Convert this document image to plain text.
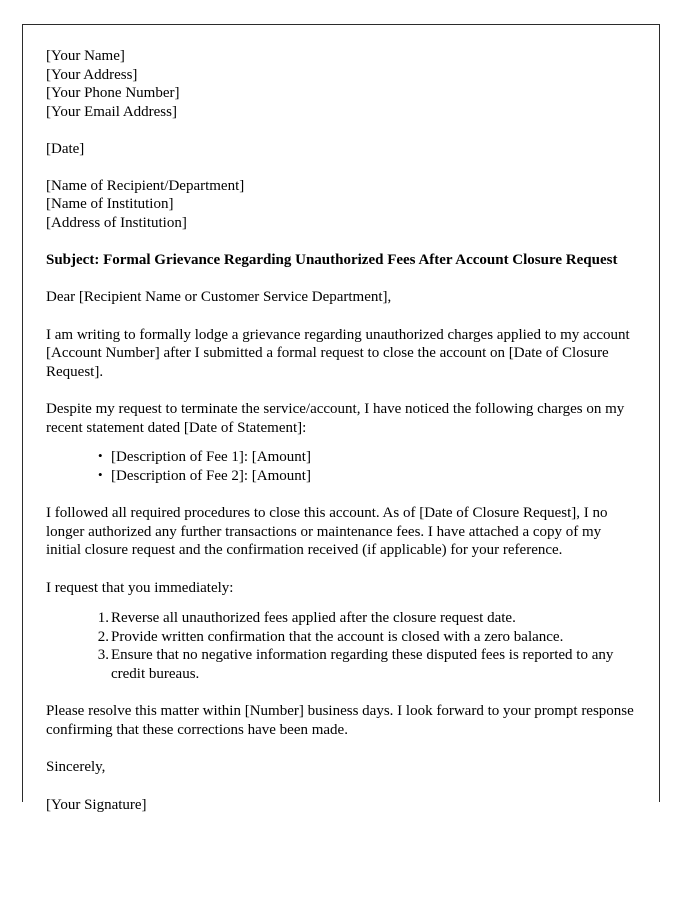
[Your Name]
[Your Address]
[Your Phone Number]
[Your Email Address]
[Date]
[Name of Recipient/Department]
[Name of Institution]
[Address of Institution]

Subject: Formal Grievance Regarding Unauthorized Fees After Account Closure Request

Dear [Recipient Name or Customer Service Department],

I am writing to formally lodge a grievance regarding unauthorized charges applied to my account [Account Number] after I submitted a formal request to close the account on [Date of Closure Request].

Despite my request to terminate the service/account, I have noticed the following charges on my recent statement dated [Date of Statement]:

• [Description of Fee 1]: [Amount]
• [Description of Fee 2]: [Amount]

I followed all required procedures to close this account. As of [Date of Closure Request], I no longer authorized any further transactions or maintenance fees. I have attached a copy of my initial closure request and the confirmation received (if applicable) for your reference.

I request that you immediately:

Reverse all unauthorized fees applied after the closure request date.
Provide written confirmation that the account is closed with a zero balance.
Ensure that no negative information regarding these disputed fees is reported to any credit bureaus.

Please resolve this matter within [Number] business days. I look forward to your prompt response confirming that these corrections have been made.

Sincerely,

[Your Signature]
